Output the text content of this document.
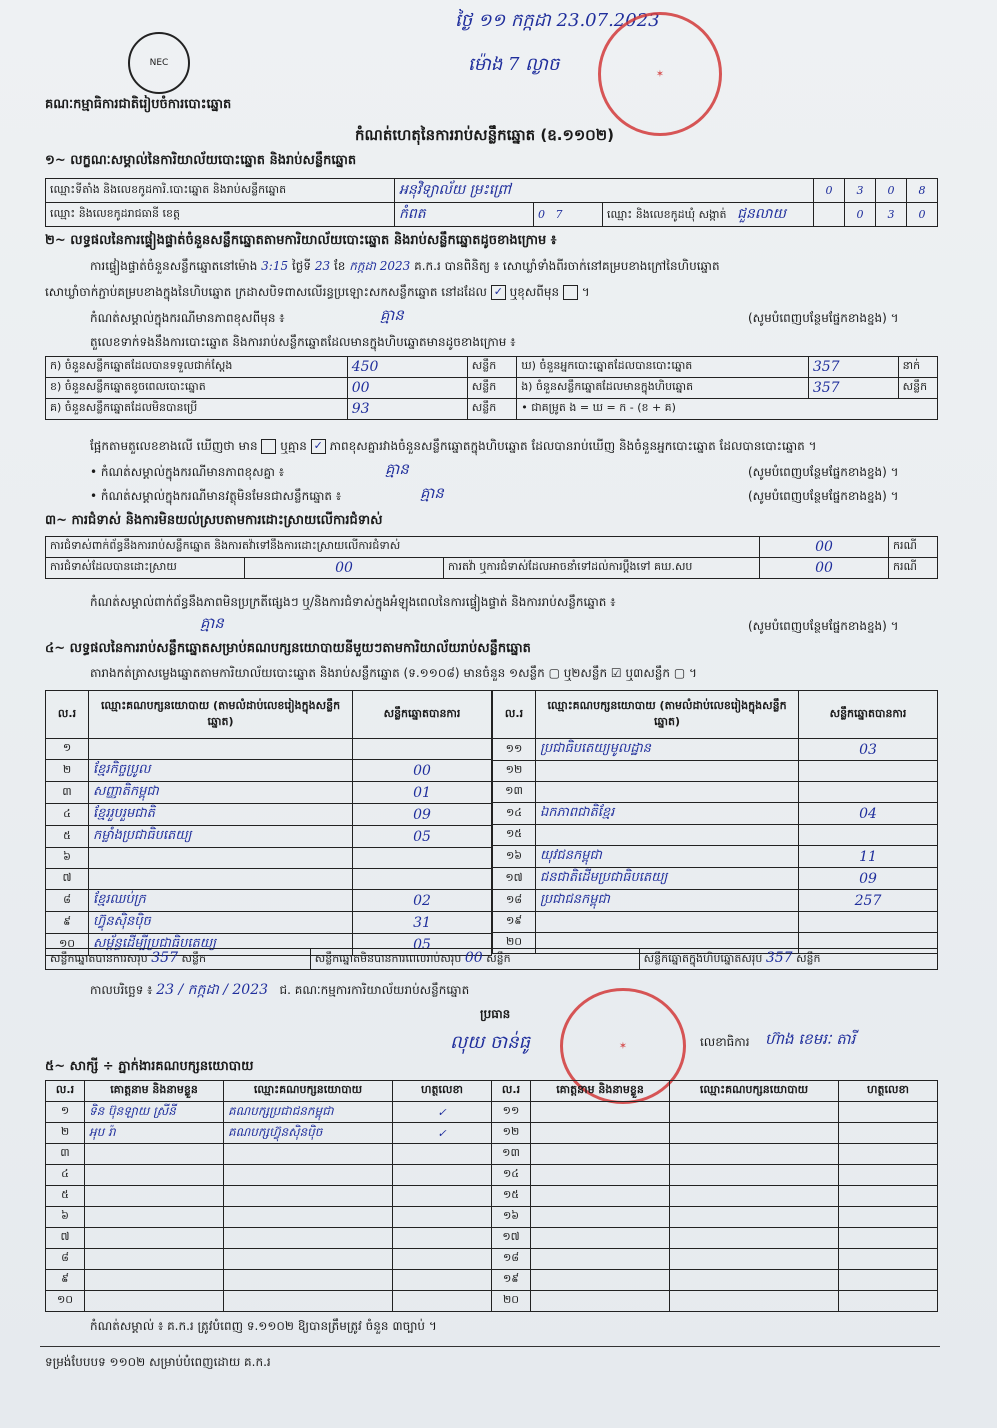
ថ្ងៃ ១១ កក្កដា 23.07.2023
ម៉ោង 7 ល្ងាច	✶
NEC
គណៈកម្មាធិការជាតិរៀបចំការបោះឆ្នោត
កំណត់ហេតុនៃការរាប់សន្លឹកឆ្នោត (ឧ.១១០២)
១~ លក្ខណៈសម្គាល់នៃការិយាល័យបោះឆ្នោត និងរាប់សន្លឹកឆ្នោត
ឈ្មោះទីតាំង និងលេខកូដការិ.បោះឆ្នោត និងរាប់សន្លឹកឆ្នោត	អនុវិទ្យាល័យ ម្រះព្រៅ			0	3	0	8
ឈ្មោះ និងលេខកូដរាជធានី ខេត្ត	កំពត	0 7	ឈ្មោះ និងលេខកូដឃុំ សង្កាត់ ជួនលាយ		0	3	0
២~ លទ្ធផលនៃការផ្ទៀងផ្ទាត់ចំនួនសន្លឹកឆ្នោតតាមការិយាល័យបោះឆ្នោត និងរាប់សន្លឹកឆ្នោតដូចខាងក្រោម ៖
ការផ្ទៀងផ្ទាត់ចំនួនសន្លឹកឆ្នោតនៅម៉ោង 3:15 ថ្ងៃទី 23 ខែ កក្កដា 2023 គ.ក.រ បានពិនិត្យ ៖ សោឃ្លាំទាំងពីរចាក់នៅគម្របខាងក្រៅនៃហិបឆ្នោត
សោឃ្លាំចាក់ភ្ជាប់គម្របខាងក្នុងនៃហិបឆ្នោត ក្រដាសបិទពាសលើរន្ធប្រឡោះសកសន្លឹកឆ្នោត នៅដដែល ✓ ឬខុសពីមុន  ។
កំណត់សម្គាល់ក្នុងករណីមានភាពខុសពីមុន ៖	គ្មាន	(សូមបំពេញបន្ថែមផ្នែកខាងខ្នង) ។
តួលេខទាក់ទងនឹងការបោះឆ្នោត និងការរាប់សន្លឹកឆ្នោតដែលមានក្នុងហិបឆ្នោតមានដូចខាងក្រោម ៖
ក) ចំនួនសន្លឹកឆ្នោតដែលបានទទួលជាក់ស្តែង	450	សន្លឹក	ឃ) ចំនួនអ្នកបោះឆ្នោតដែលបានបោះឆ្នោត	357	នាក់
ខ) ចំនួនសន្លឹកឆ្នោតខូចពេលបោះឆ្នោត	00	សន្លឹក	ង) ចំនួនសន្លឹកឆ្នោតដែលមានក្នុងហិបឆ្នោត	357	សន្លឹក
គ) ចំនួនសន្លឹកឆ្នោតដែលមិនបានប្រើ	93	សន្លឹក	• ជាគម្រូត ង = ឃ = ក - (ខ + គ)		
ផ្អែកតាមតួលេខខាងលើ ឃើញថា មាន ឬគ្មាន ✓ ភាពខុសគ្នារវាងចំនួនសន្លឹកឆ្នោតក្នុងហិបឆ្នោត ដែលបានរាប់ឃើញ និងចំនួនអ្នកបោះឆ្នោត ដែលបានបោះឆ្នោត ។
• កំណត់សម្គាល់ក្នុងករណីមានភាពខុសគ្នា ៖	គ្មាន	(សូមបំពេញបន្ថែមផ្នែកខាងខ្នង) ។
• កំណត់សម្គាល់ក្នុងករណីមានវត្ថុមិនមែនជាសន្លឹកឆ្នោត ៖	គ្មាន	(សូមបំពេញបន្ថែមផ្នែកខាងខ្នង) ។
៣~ ការជំទាស់ និងការមិនយល់ស្របតាមការដោះស្រាយលើការជំទាស់
ការជំទាស់ពាក់ព័ន្ធនឹងការរាប់សន្លឹកឆ្នោត និងការតវ៉ាទៅនឹងការដោះស្រាយលើការជំទាស់			00	ករណី
ការជំទាស់ដែលបានដោះស្រាយ	00	ការតវ៉ា ឬការជំទាស់ដែលអាចនាំទៅដល់ការប្តឹងទៅ គឃ.សប	00	ករណី
កំណត់សម្គាល់ពាក់ព័ន្ធនឹងភាពមិនប្រក្រតីផ្សេងៗ ឬ/និងការជំទាស់ក្នុងអំឡុងពេលនៃការផ្ទៀងផ្ទាត់ និងការរាប់សន្លឹកឆ្នោត ៖
គ្មាន	(សូមបំពេញបន្ថែមផ្នែកខាងខ្នង) ។
៤~ លទ្ធផលនៃការរាប់សន្លឹកឆ្នោតសម្រាប់គណបក្សនយោបាយនីមួយៗតាមការិយាល័យរាប់សន្លឹកឆ្នោត
តារាងកត់ត្រាសម្លេងឆ្នោតតាមការិយាល័យបោះឆ្នោត និងរាប់សន្លឹកឆ្នោត (ទ.១១០៨) មានចំនួន ១សន្លឹក ▢ ឬ២សន្លឹក ☑ ឬ៣សន្លឹក ▢ ។
ល.រ	ឈ្មោះគណបក្សនយោបាយ (តាមលំដាប់លេខរៀងក្នុងសន្លឹកឆ្នោត)	សន្លឹកឆ្នោតបានការ
១		
២	ខ្មែរកិច្ចប្រូល	00
៣	សញ្ញាតិកម្ពុជា	01
៤	ខ្មែររួបរួមជាតិ	09
៥	កម្លាំងប្រជាធិបតេយ្យ	05
៦		
៧		
៨	ខ្មែរឈប់ក្រ	02
៩	ហ៊្វុនស៊ិនប៉ិច	31
១០	សម្ព័ន្ធដើម្បីប្រជាធិបតេយ្យ	05
ល.រ	ឈ្មោះគណបក្សនយោបាយ (តាមលំដាប់លេខរៀងក្នុងសន្លឹកឆ្នោត)	សន្លឹកឆ្នោតបានការ
១១	ប្រជាធិបតេយ្យមូលដ្ឋាន	03
១២		
១៣		
១៤	ឯកភាពជាតិខ្មែរ	04
១៥		
១៦	យុវជនកម្ពុជា	11
១៧	ជនជាតិដើមប្រជាធិបតេយ្យ	09
១៨	ប្រជាជនកម្ពុជា	257
១៩		
២០		
សន្លឹកឆ្នោតបានការសរុប 357 សន្លឹក	សន្លឹកឆ្នោតមិនបានការពេលរាប់សរុប 00 សន្លឹក	សន្លឹកឆ្នោតក្នុងហិបឆ្នោតសរុប 357 សន្លឹក
កាលបរិច្ឆេទ ៖ 23 / កក្កដា / 2023 ជ. គណៈកម្មការការិយាល័យរាប់សន្លឹកឆ្នោត
ប្រធាន
លុយ ចាន់ធូ	✶	លេខាធិការ ហ៊ាង ខេមរៈ តារី
៥~ សាក្សី ÷ ភ្នាក់ងារគណបក្សនយោបាយ
ល.រ	គោត្តនាម និងនាមខ្លួន	ឈ្មោះគណបក្សនយោបាយ	ហត្ថលេខា	ល.រ	គោត្តនាម និងនាមខ្លួន	ឈ្មោះគណបក្សនយោបាយ	ហត្ថលេខា
១	ទិន ប៊ុនឡាយ ស្រីនី	គណបក្សប្រជាជនកម្ពុជា	✓	១១			
២	អុប រ៉ា	គណបក្សហ៊្វុនស៊ិនប៉ិច	✓	១២			
៣				១៣			
៤				១៤			
៥				១៥			
៦				១៦			
៧				១៧			
៨				១៨			
៩				១៩			
១០				២០			
កំណត់សម្គាល់ ៖ គ.ក.រ ត្រូវបំពេញ ទ.១១០២ ឱ្យបានត្រឹមត្រូវ ចំនួន ៣ច្បាប់ ។
ទម្រង់បែបបទ ១១០២ សម្រាប់បំពេញដោយ គ.ក.រ
